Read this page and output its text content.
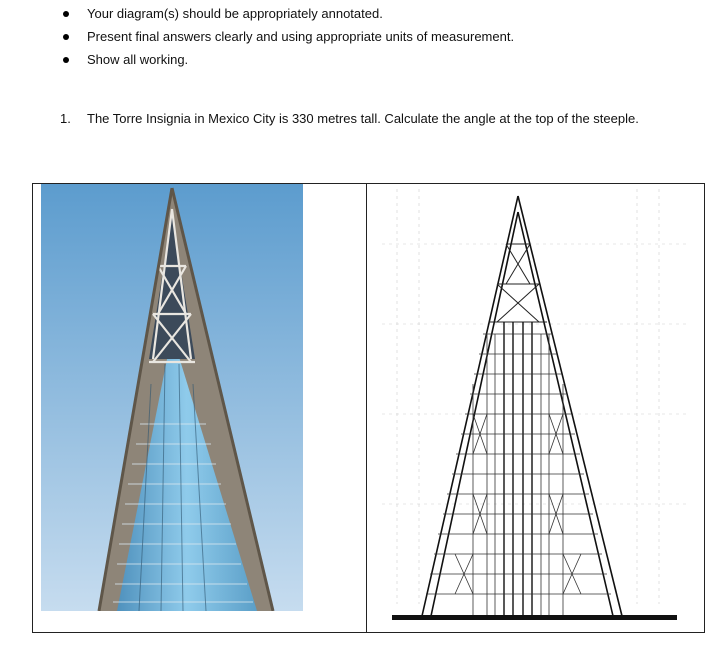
Your diagram(s) should be appropriately annotated.
Present final answers clearly and using appropriate units of measurement.
Show all working.
1. The Torre Insignia in Mexico City is 330 metres tall. Calculate the angle at the top of the steeple.
